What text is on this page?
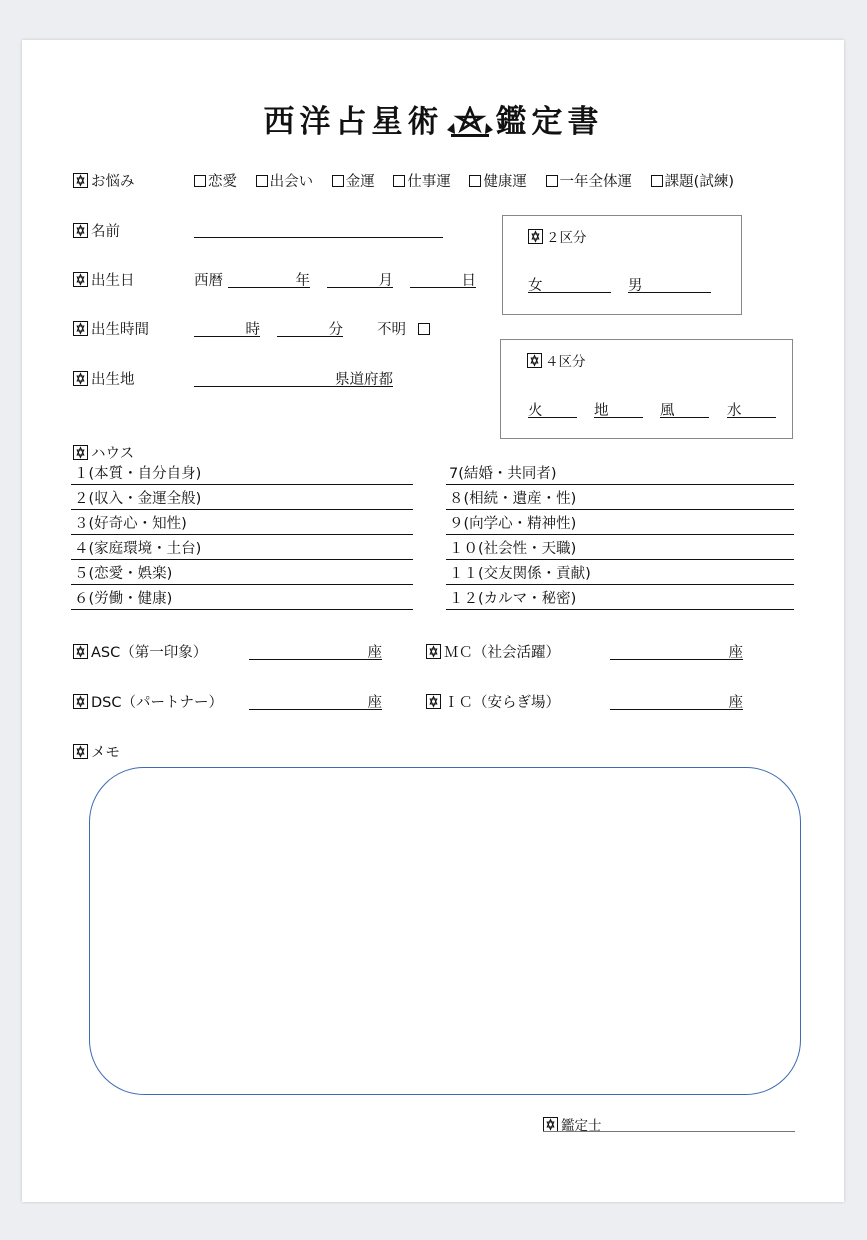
西洋占星術 鑑定書
お悩み	恋愛 出会い 金運 仕事運 健康運 一年全体運 課題(試練)
名前
出生日	西暦	年	月	日
出生時間	時	分 不明
出生地	県道府都
２区分
女	男
４区分
火	地	風	水
ハウス
１(本質・自分自身)
２(収入・金運全般)
３(好奇心・知性)
４(家庭環境・土台)
５(恋愛・娯楽)
６(労働・健康)
7(結婚・共同者)
８(相続・遺産・性)
９(向学心・精神性)
１０(社会性・天職)
１１(交友関係・貢献)
１２(カルマ・秘密)
ASC（第一印象）	座	ＭＣ（社会活躍）	座
DSC（パートナー）	座	ＩＣ（安らぎ場）	座
メモ
鑑定士
